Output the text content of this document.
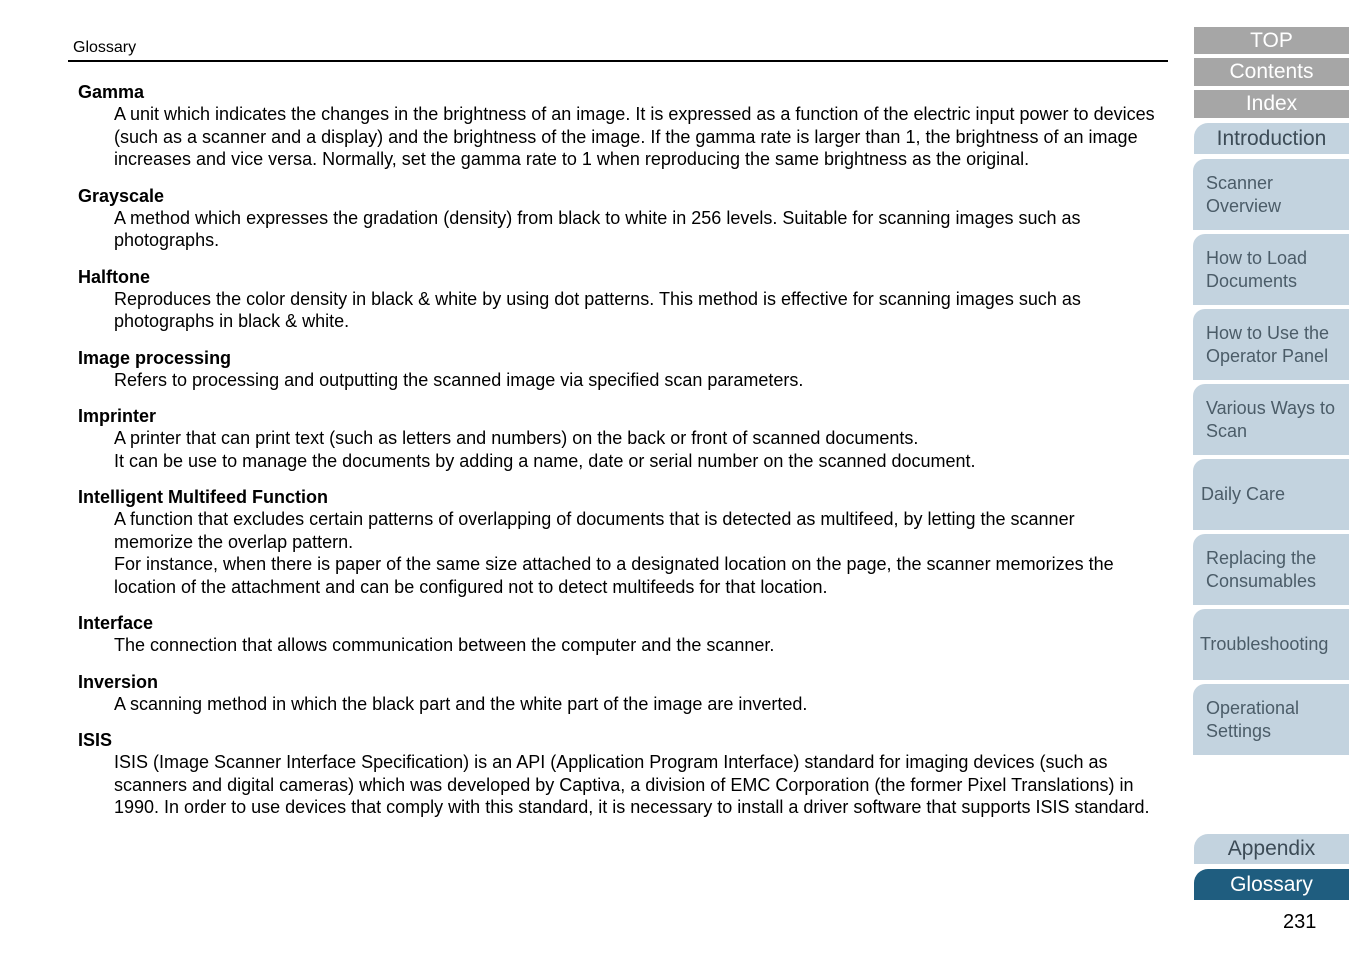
Glossary
Gamma

A unit which indicates the changes in the brightness of an image. It is expressed as a function of the electric input power to devices (such as a scanner and a display) and the brightness of the image. If the gamma rate is larger than 1, the brightness of an image increases and vice versa. Normally, set the gamma rate to 1 when reproducing the same brightness as the original.

Grayscale

A method which expresses the gradation (density) from black to white in 256 levels. Suitable for scanning images such as photographs.

Halftone

Reproduces the color density in black & white by using dot patterns. This method is effective for scanning images such as photographs in black & white.

Image processing

Refers to processing and outputting the scanned image via specified scan parameters.

Imprinter

A printer that can print text (such as letters and numbers) on the back or front of scanned documents.

It can be use to manage the documents by adding a name, date or serial number on the scanned document.

Intelligent Multifeed Function

A function that excludes certain patterns of overlapping of documents that is detected as multifeed, by letting the scanner memorize the overlap pattern.

For instance, when there is paper of the same size attached to a designated location on the page, the scanner memorizes the location of the attachment and can be configured not to detect multifeeds for that location.

Interface

The connection that allows communication between the computer and the scanner.

Inversion

A scanning method in which the black part and the white part of the image are inverted.

ISIS

ISIS (Image Scanner Interface Specification) is an API (Application Program Interface) standard for imaging devices (such as scanners and digital cameras) which was developed by Captiva, a division of EMC Corporation (the former Pixel Translations) in 1990. In order to use devices that comply with this standard, it is necessary to install a driver software that supports ISIS standard.

TOP
Contents
Index
Introduction
Scanner
Overview
How to Load
Documents
How to Use the
Operator Panel
Various Ways to
Scan
Daily Care
Replacing the
Consumables
Troubleshooting
Operational
Settings
Appendix
Glossary
231
